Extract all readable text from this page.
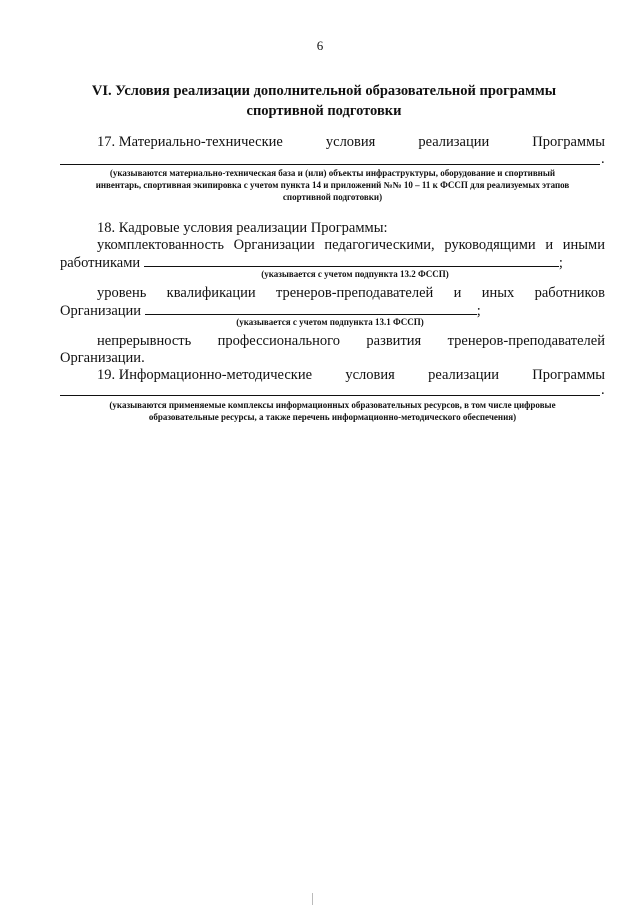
6
VI. Условия реализации дополнительной образовательной программы
спортивной подготовки
17. Материально-технические	условия	реализации	Программы
.
(указываются материально-техническая база и (или) объекты инфраструктуры, оборудование и спортивный
инвентарь, спортивная экипировка с учетом пункта 14 и приложений №№ 10 – 11 к ФССП для реализуемых этапов
спортивной подготовки)
18. Кадровые условия реализации Программы:
укомплектованность Организации педагогическими, руководящими и иными
работниками	;
(указывается с учетом подпункта 13.2 ФССП)
уровень квалификации тренеров-преподавателей и иных работников
Организации	;
(указывается с учетом подпункта 13.1 ФССП)
непрерывность профессионального развития тренеров-преподавателей
Организации.
19. Информационно-методические условия реализации Программы
.
(указываются применяемые комплексы информационных образовательных ресурсов, в том числе цифровые
образовательные ресурсы, а также перечень информационно-методического обеспечения)
